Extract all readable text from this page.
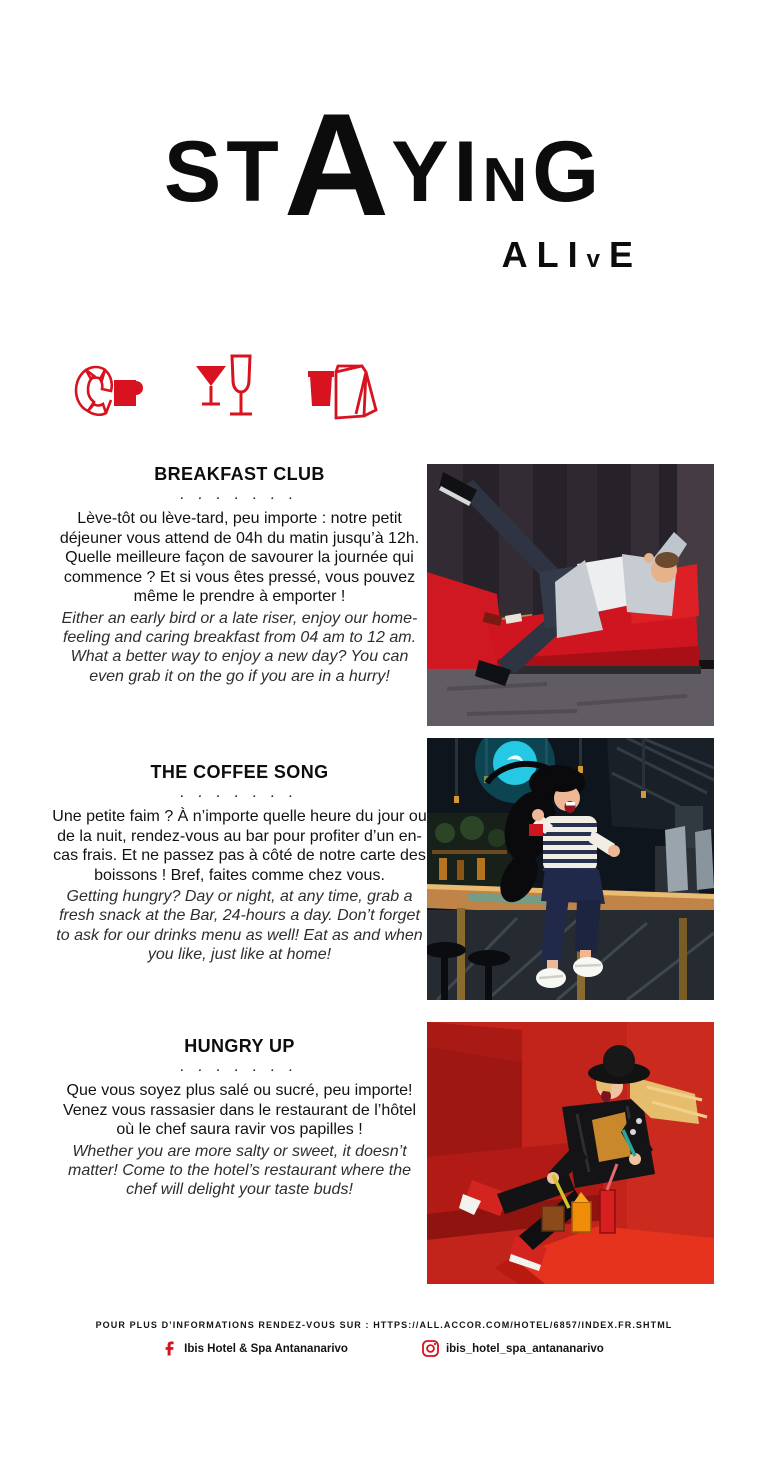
STAYING
ALIvE
BREAKFAST CLUB
. . . . . . .

Lève-tôt ou lève-tard, peu importe : notre petit déjeuner vous attend de 04h du matin jusqu’à 12h.

Quelle meilleure façon de savourer la journée qui commence ? Et si vous êtes pressé, vous pouvez même le prendre à emporter !

Either an early bird or a late riser, enjoy our home-feeling and caring breakfast from 04 am to 12 am. What a better way to enjoy a new day? You can even grab it on the go if you are in a hurry!

THE COFFEE SONG
. . . . . . .

Une petite faim ? À n’importe quelle heure du jour ou de la nuit, rendez-vous au bar pour profiter d’un en-cas frais. Et ne passez pas à côté de notre carte des boissons ! Bref, faites comme chez vous.

Getting hungry? Day or night, at any time, grab a fresh snack at the Bar, 24-hours a day. Don’t forget to ask for our drinks menu as well! Eat as and when you like, just like at home!

HUNGRY UP
. . . . . . .

Que vous soyez plus salé ou sucré, peu importe! Venez vous rassasier dans le restaurant de l’hôtel où le chef saura ravir vos papilles !

Whether you are more salty or sweet, it doesn’t matter! Come to the hotel’s restaurant where the chef will delight your taste buds!

POUR PLUS D’INFORMATIONS RENDEZ-VOUS SUR : HTTPS://ALL.ACCOR.COM/HOTEL/6857/INDEX.FR.SHTML
Ibis Hotel & Spa Antananarivo	ibis_hotel_spa_antananarivo
